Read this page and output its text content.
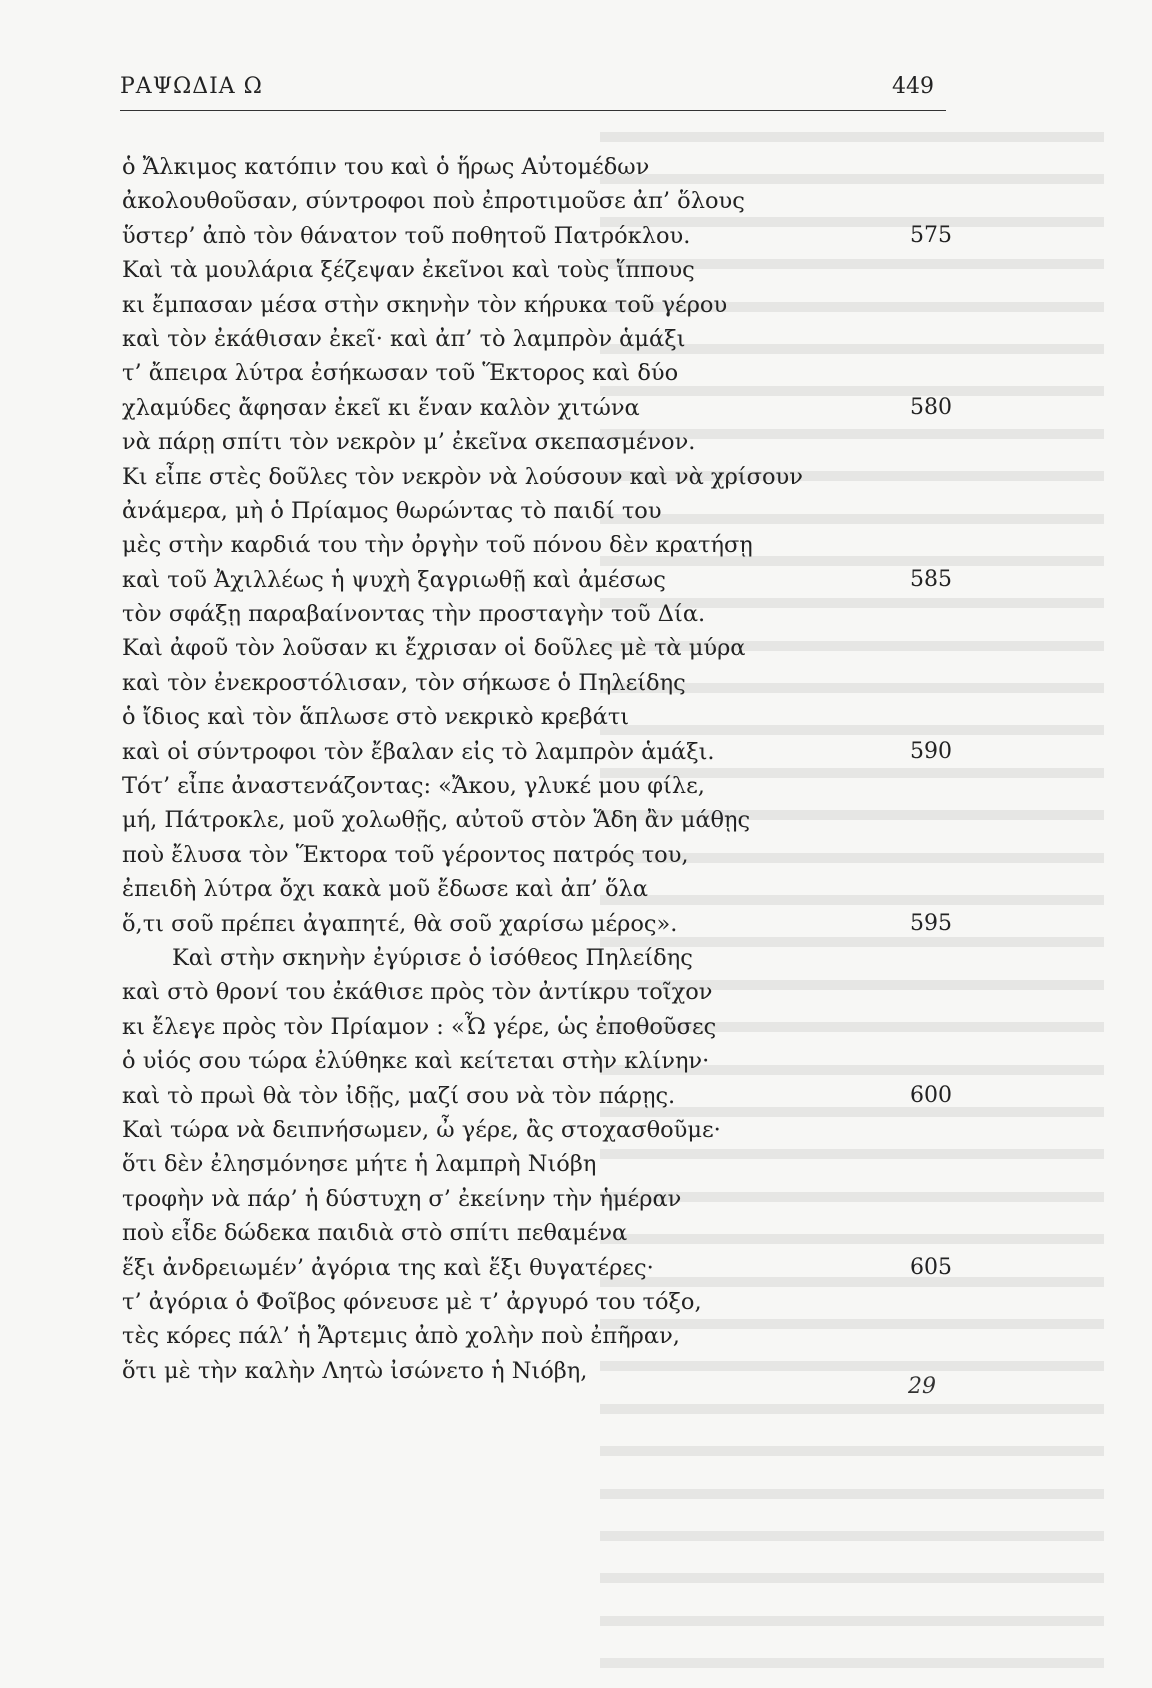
ΡΑΨΩΔΙΑ Ω	449
ὁ Ἄλκιμος κατόπιν του καὶ ὁ ἥρως Αὐτομέδων
ἀκολουθοῦσαν, σύντροφοι ποὺ ἐπροτιμοῦσε ἀπ’ ὅλους
ὕστερ’ ἀπὸ τὸν θάνατον τοῦ ποθητοῦ Πατρόκλου.	575
Καὶ τὰ μουλάρια ξέζεψαν ἐκεῖνοι καὶ τοὺς ἵππους
κι ἔμπασαν μέσα στὴν σκηνὴν τὸν κήρυκα τοῦ γέρου
καὶ τὸν ἐκάθισαν ἐκεῖ· καὶ ἀπ’ τὸ λαμπρὸν ἁμάξι
τ’ ἄπειρα λύτρα ἐσήκωσαν τοῦ Ἕκτορος καὶ δύο
χλαμύδες ἄφησαν ἐκεῖ κι ἕναν καλὸν χιτώνα	580
νὰ πάρῃ σπίτι τὸν νεκρὸν μ’ ἐκεῖνα σκεπασμένον.
Κι εἶπε στὲς δοῦλες τὸν νεκρὸν νὰ λούσουν καὶ νὰ χρίσουν
ἀνάμερα, μὴ ὁ Πρίαμος θωρώντας τὸ παιδί του
μὲς στὴν καρδιά του τὴν ὀργὴν τοῦ πόνου δὲν κρατήσῃ
καὶ τοῦ Ἀχιλλέως ἡ ψυχὴ ξαγριωθῇ καὶ ἀμέσως	585
τὸν σφάξῃ παραβαίνοντας τὴν προσταγὴν τοῦ Δία.
Καὶ ἀφοῦ τὸν λοῦσαν κι ἔχρισαν οἱ δοῦλες μὲ τὰ μύρα
καὶ τὸν ἐνεκροστόλισαν, τὸν σήκωσε ὁ Πηλείδης
ὁ ἴδιος καὶ τὸν ἅπλωσε στὸ νεκρικὸ κρεβάτι
καὶ οἱ σύντροφοι τὸν ἔβαλαν εἰς τὸ λαμπρὸν ἁμάξι.	590
Τότ’ εἶπε ἀναστενάζοντας: «Ἄκου, γλυκέ μου φίλε,
μή, Πάτροκλε, μοῦ χολωθῇς, αὐτοῦ στὸν Ἅδη ἂν μάθῃς
ποὺ ἔλυσα τὸν Ἕκτορα τοῦ γέροντος πατρός του,
ἐπειδὴ λύτρα ὄχι κακὰ μοῦ ἔδωσε καὶ ἀπ’ ὅλα
ὅ,τι σοῦ πρέπει ἀγαπητέ, θὰ σοῦ χαρίσω μέρος».	595
Καὶ στὴν σκηνὴν ἐγύρισε ὁ ἰσόθεος Πηλείδης
καὶ στὸ θρονί του ἐκάθισε πρὸς τὸν ἀντίκρυ τοῖχον
κι ἔλεγε πρὸς τὸν Πρίαμον : «Ὦ γέρε, ὡς ἐποθοῦσες
ὁ υἱός σου τώρα ἐλύθηκε καὶ κείτεται στὴν κλίνην·
καὶ τὸ πρωὶ θὰ τὸν ἰδῇς, μαζί σου νὰ τὸν πάρῃς.	600
Καὶ τώρα νὰ δειπνήσωμεν, ὦ γέρε, ἂς στοχασθοῦμε·
ὅτι δὲν ἐλησμόνησε μήτε ἡ λαμπρὴ Νιόβη
τροφὴν νὰ πάρ’ ἡ δύστυχη σ’ ἐκείνην τὴν ἡμέραν
ποὺ εἶδε δώδεκα παιδιὰ στὸ σπίτι πεθαμένα
ἕξι ἀνδρειωμέν’ ἀγόρια της καὶ ἕξι θυγατέρες·	605
τ’ ἀγόρια ὁ Φοῖβος φόνευσε μὲ τ’ ἀργυρό του τόξο,
τὲς κόρες πάλ’ ἡ Ἄρτεμις ἀπὸ χολὴν ποὺ ἐπῆραν,
ὅτι μὲ τὴν καλὴν Λητὼ ἰσώνετο ἡ Νιόβη,
29
